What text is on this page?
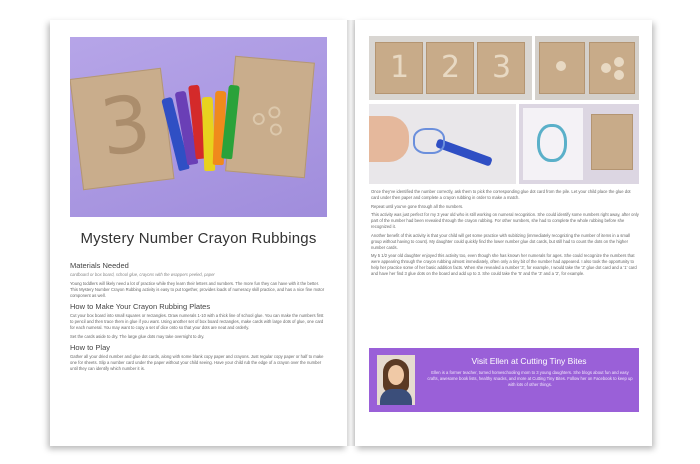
3
Mystery Number Crayon Rubbings
Materials Needed
cardboard or box board, school glue, crayons with the wrappers peeled, paper
Young toddlers will likely need a lot of practice while they learn their letters and numbers. The more fun they can have with it the better. This Mystery Number Crayon Rubbing activity is easy to put together, provides loads of numeracy skill practice, and has a nice fine motor component as well.
How to Make Your Crayon Rubbing Plates
Cut your box board into small squares or rectangles. Draw numerals 1-10 with a thick line of school glue. You can make the numbers first to pencil and then trace them in glue if you want. Using another set of box board rectangles, make cards with large dots of glue, one card for each numeral. You may want to copy a set of dice onto so that your dots are neat and orderly.
Set the cards aside to dry. The large glue dots may take overnight to dry.
How to Play
Gather all your dried number and glue dot cards, along with some blank copy paper and crayons. Just regular copy paper or half to make one for sheets. Slip a number card under the paper without your child seeing. Have your child rub the edge of a crayon over the number until they can identify which number it is.
1 2 3
Once they've identified the number correctly, ask them to pick the corresponding glue dot card from the pile. Let your child place the glue dot card under then paper and complete a crayon rubbing in order to make a match.
Repeat until you've gone through all the numbers.
This activity was just perfect for my 3 year old who is still working on numeral recognition. She could identify some numbers right away, after only part of the number had been revealed through the crayon rubbing. For other numbers, she had to complete the whole rubbing before she recognized it.
Another benefit of this activity is that your child will get some practice with subitizing (immediately recognizing the number of items in a small group without having to count). My daughter could quickly find the lower number glue dot cards, but still had to count the dots on the higher number cards.
My 5 1/2 year old daughter enjoyed this activity too, even though she has known her numerals for ages. She could recognize the numbers that were appearing through the crayon rubbing almost immediately, often only a tiny bit of the number had appeared. I also took the opportunity to help her practice some of her basic addition facts. When she revealed a number '3', for example, I would take the '2' glue dot card and a '1' card and have her find 3 glue dots on the board and add up to 3. She could take the '5' and the '3' and a '2', for example.
Visit Ellen at Cutting Tiny Bites
Ellen is a former teacher, turned homeschooling mom to 3 young daughters. She blogs about fun and easy crafts, awesome book lists, healthy snacks, and more at Cutting Tiny Bites. Follow her on Facebook to keep up with lots of other things.
